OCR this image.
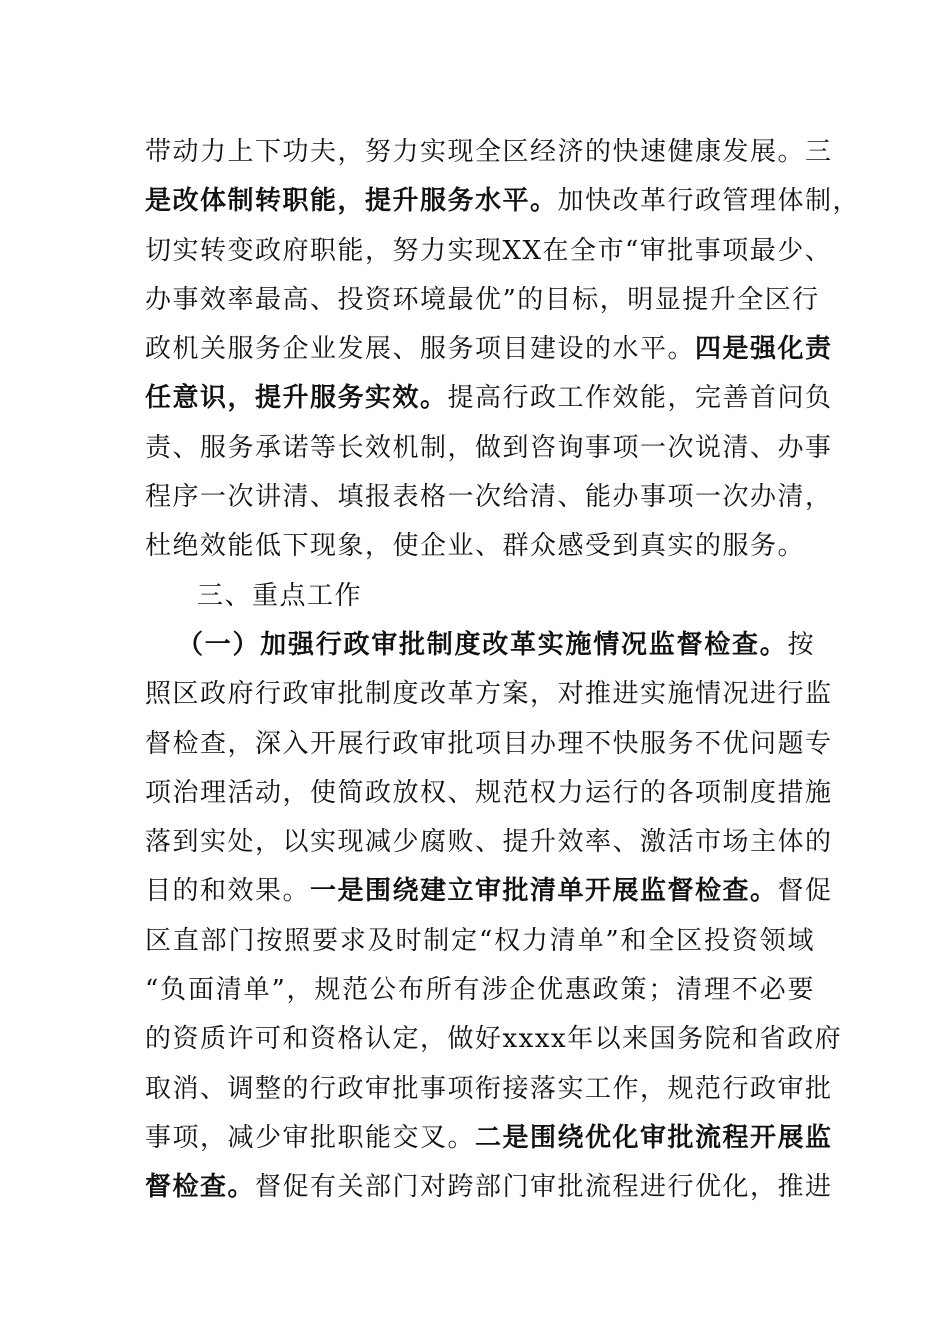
带动力上下功夫，努力实现全区经济的快速健康发展。三
是改体制转职能，提升服务水平。加快改革行政管理体制，
切实转变政府职能，努力实现XX在全市“审批事项最少、
办事效率最高、投资环境最优”的目标，明显提升全区行
政机关服务企业发展、服务项目建设的水平。四是强化责
任意识，提升服务实效。提高行政工作效能，完善首问负
责、服务承诺等长效机制，做到咨询事项一次说清、办事
程序一次讲清、填报表格一次给清、能办事项一次办清，
杜绝效能低下现象，使企业、群众感受到真实的服务。
三、重点工作
（一）加强行政审批制度改革实施情况监督检查。按
照区政府行政审批制度改革方案，对推进实施情况进行监
督检查，深入开展行政审批项目办理不快服务不优问题专
项治理活动，使简政放权、规范权力运行的各项制度措施
落到实处，以实现减少腐败、提升效率、激活市场主体的
目的和效果。一是围绕建立审批清单开展监督检查。督促
区直部门按照要求及时制定“权力清单”和全区投资领域
“负面清单”，规范公布所有涉企优惠政策；清理不必要
的资质许可和资格认定，做好xxxx年以来国务院和省政府
取消、调整的行政审批事项衔接落实工作，规范行政审批
事项，减少审批职能交叉。二是围绕优化审批流程开展监
督检查。督促有关部门对跨部门审批流程进行优化，推进
